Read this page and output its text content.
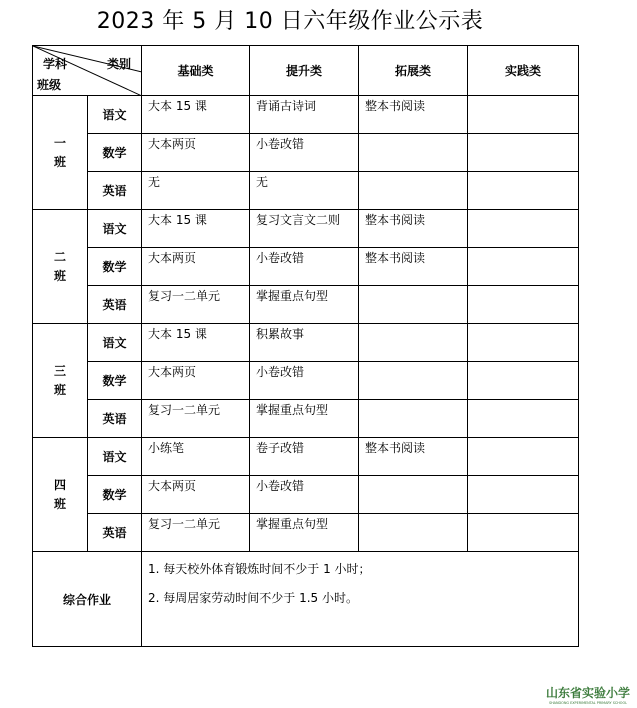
2023 年 5 月 10 日六年级作业公示表
学科 类别
班级		基础类	提升类	拓展类	实践类

一
班	语文	大本 15 课	背诵古诗词	整本书阅读	
	数学	大本两页	小卷改错		
	英语	无	无		

二
班	语文	大本 15 课	复习文言文二则	整本书阅读	
	数学	大本两页	小卷改错	整本书阅读	
	英语	复习一二单元	掌握重点句型		

三
班	语文	大本 15 课	积累故事		
	数学	大本两页	小卷改错		
	英语	复习一二单元	掌握重点句型		

四
班	语文	小练笔	卷子改错	整本书阅读	
	数学	大本两页	小卷改错		
	英语	复习一二单元	掌握重点句型		
综合作业		1. 每天校外体育锻炼时间不少于 1 小时；
2. 每周居家劳动时间不少于 1.5 小时。			
山东省实验小学
SHANDONG EXPERIMENTAL PRIMARY SCHOOL
